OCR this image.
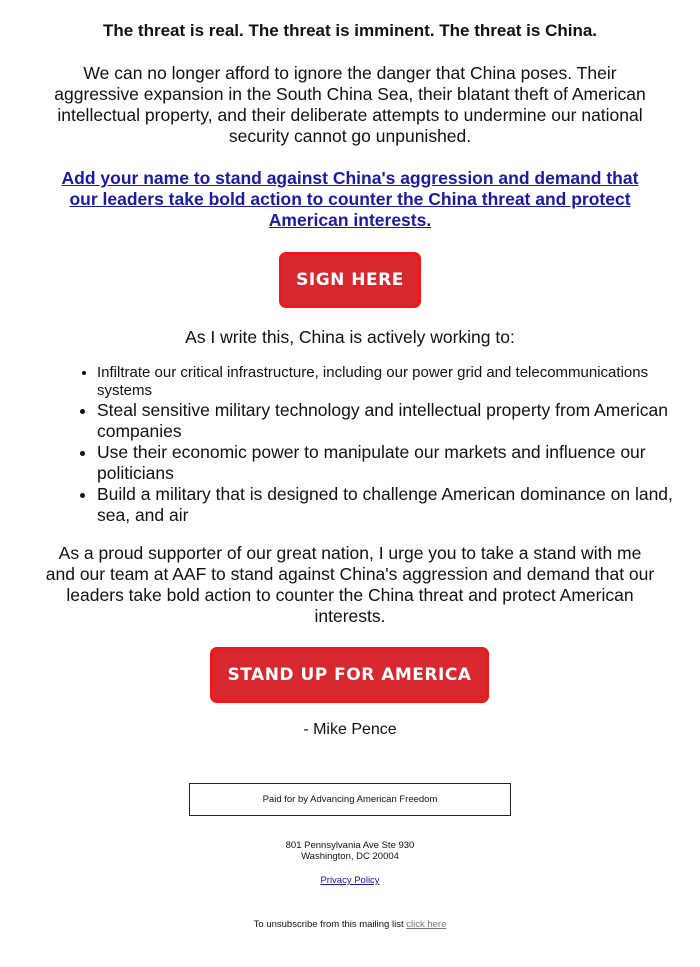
The threat is real. The threat is imminent. The threat is China.
We can no longer afford to ignore the danger that China poses. Their aggressive expansion in the South China Sea, their blatant theft of American intellectual property, and their deliberate attempts to undermine our national security cannot go unpunished.
Add your name to stand against China's aggression and demand that our leaders take bold action to counter the China threat and protect American interests.
SIGN HERE
As I write this, China is actively working to:
• Infiltrate our critical infrastructure, including our power grid and telecommunications systems
• Steal sensitive military technology and intellectual property from American companies
• Use their economic power to manipulate our markets and influence our politicians
• Build a military that is designed to challenge American dominance on land, sea, and air
As a proud supporter of our great nation, I urge you to take a stand with me and our team at AAF to stand against China's aggression and demand that our leaders take bold action to counter the China threat and protect American interests.
STAND UP FOR AMERICA
- Mike Pence
Paid for by Advancing American Freedom
801 Pennsylvania Ave Ste 930
Washington, DC 20004
Privacy Policy
To unsubscribe from this mailing list click here
